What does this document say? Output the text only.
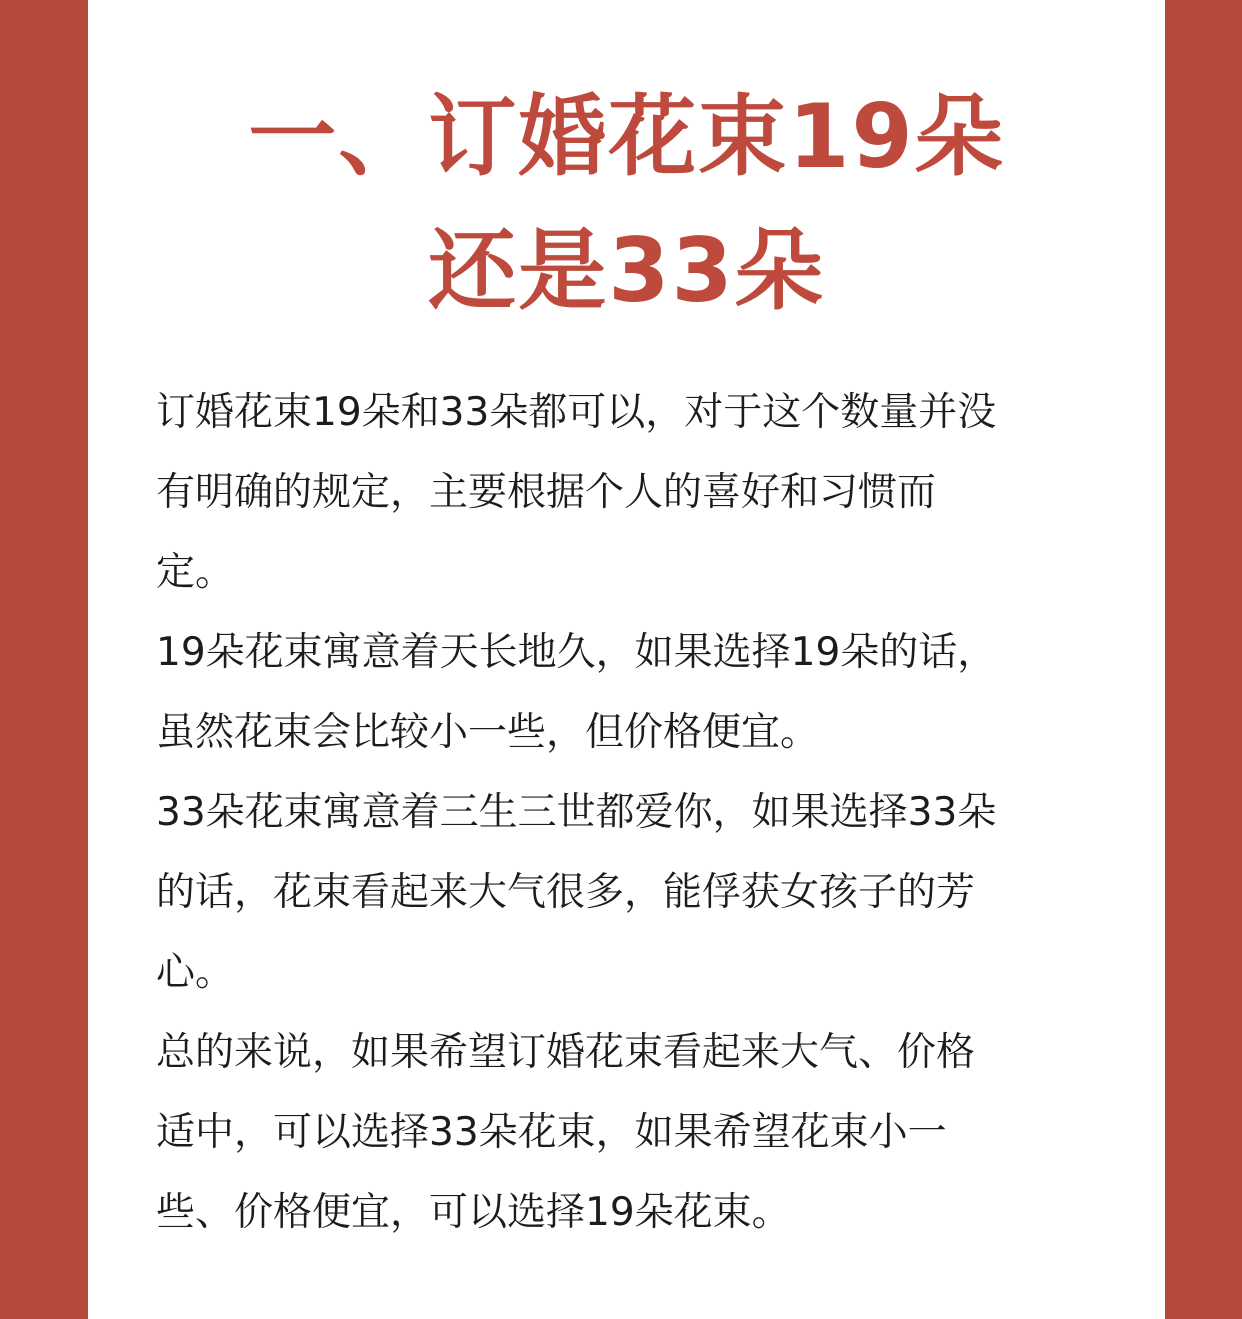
一、订婚花束19朵
还是33朵
订婚花束19朵和33朵都可以，对于这个数量并没
有明确的规定，主要根据个人的喜好和习惯而
定。
19朵花束寓意着天长地久，如果选择19朵的话，
虽然花束会比较小一些，但价格便宜。
33朵花束寓意着三生三世都爱你，如果选择33朵
的话，花束看起来大气很多，能俘获女孩子的芳
心。
总的来说，如果希望订婚花束看起来大气、价格
适中，可以选择33朵花束，如果希望花束小一
些、价格便宜，可以选择19朵花束。
